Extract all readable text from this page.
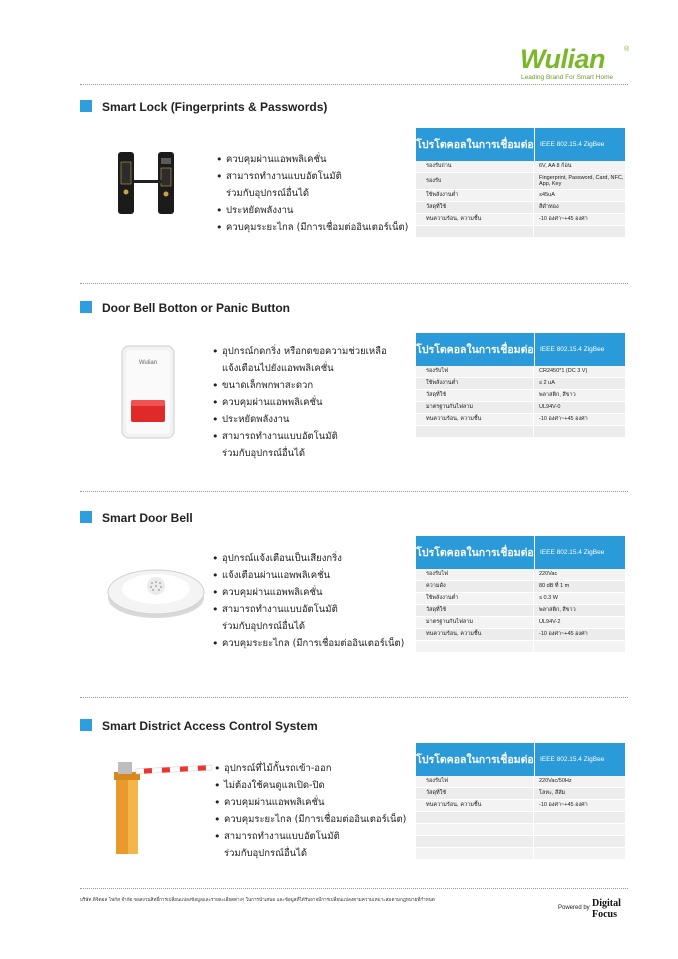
Wulian	®
Leading Brand For Smart Home
Smart Lock (Fingerprints & Passwords)
• ควบคุมผ่านแอพพลิเคชั่น
• สามารถทำงานแบบอัตโนมัติ
ร่วมกับอุปกรณ์อื่นได้
• ประหยัดพลังงาน
• ควบคุมระยะไกล (มีการเชื่อมต่ออินเตอร์เน็ต)
โปรโตคอลในการเชื่อมต่อ IEEE 802.15.4 ZigBee
รองรับถ่าน	6V, AA 8 ก้อน
รองรับ	Fingerprint, Password, Card, NFC, App, Key
ใช้พลังงานต่ำ	≤45uA
วัสดุที่ใช้	สีดำทอง
ทนความร้อน, ความชื้น	-10 องศา~+45 องศา
Door Bell Botton or Panic Button
Wulian
• อุปกรณ์กดกริ่ง หรือกดขอความช่วยเหลือ
แจ้งเตือนไปยังแอพพลิเคชั่น
• ขนาดเล็กพกพาสะดวก
• ควบคุมผ่านแอพพลิเคชั่น
• ประหยัดพลังงาน
• สามารถทำงานแบบอัตโนมัติ
ร่วมกับอุปกรณ์อื่นได้
โปรโตคอลในการเชื่อมต่อ IEEE 802.15.4 ZigBee
รองรับไฟ	CR2450*1 (DC 3 V)
ใช้พลังงานต่ำ	≤ 2 uA
วัสดุที่ใช้	พลาสติก, สีขาว
มาตรฐานกันไฟลาม	UL94V-0
ทนความร้อน, ความชื้น	-10 องศา~+45 องศา
Smart Door Bell
• อุปกรณ์แจ้งเตือนเป็นเสียงกริ่ง
• แจ้งเตือนผ่านแอพพลิเคชั่น
• ควบคุมผ่านแอพพลิเคชั่น
• สามารถทำงานแบบอัตโนมัติ
ร่วมกับอุปกรณ์อื่นได้
• ควบคุมระยะไกล (มีการเชื่อมต่ออินเตอร์เน็ต)
โปรโตคอลในการเชื่อมต่อ IEEE 802.15.4 ZigBee
รองรับไฟ	220Vac
ความดัง	80 dB ที่ 1 m
ใช้พลังงานต่ำ	≤ 0.3 W
วัสดุที่ใช้	พลาสติก, สีขาว
มาตรฐานกันไฟลาม	UL94V-2
ทนความร้อน, ความชื้น	-10 องศา~+45 องศา
Smart District Access Control System
• อุปกรณ์ที่ไม้กั้นรถเข้า-ออก
• ไม่ต้องใช้คนดูแลเปิด-ปิด
• ควบคุมผ่านแอพพลิเคชั่น
• ควบคุมระยะไกล (มีการเชื่อมต่ออินเตอร์เน็ต)
• สามารถทำงานแบบอัตโนมัติ
ร่วมกับอุปกรณ์อื่นได้
โปรโตคอลในการเชื่อมต่อ IEEE 802.15.4 ZigBee
รองรับไฟ	220Vac/50Hz
วัสดุที่ใช้	โลหะ, สีส้ม
ทนความร้อน, ความชื้น	-10 องศา~+45 องศา
บริษัท ดิจิตอล โฟกัส จำกัด ขอสงวนสิทธิ์การเปลี่ยนแปลงข้อมูลและรายละเอียดต่างๆ ในการนำเสนอ และข้อมูลที่ได้รับอาจมีการเปลี่ยนแปลงตามความเหมาะสมตามกฎหมายที่กำหนด
Powered by Digital Focus
